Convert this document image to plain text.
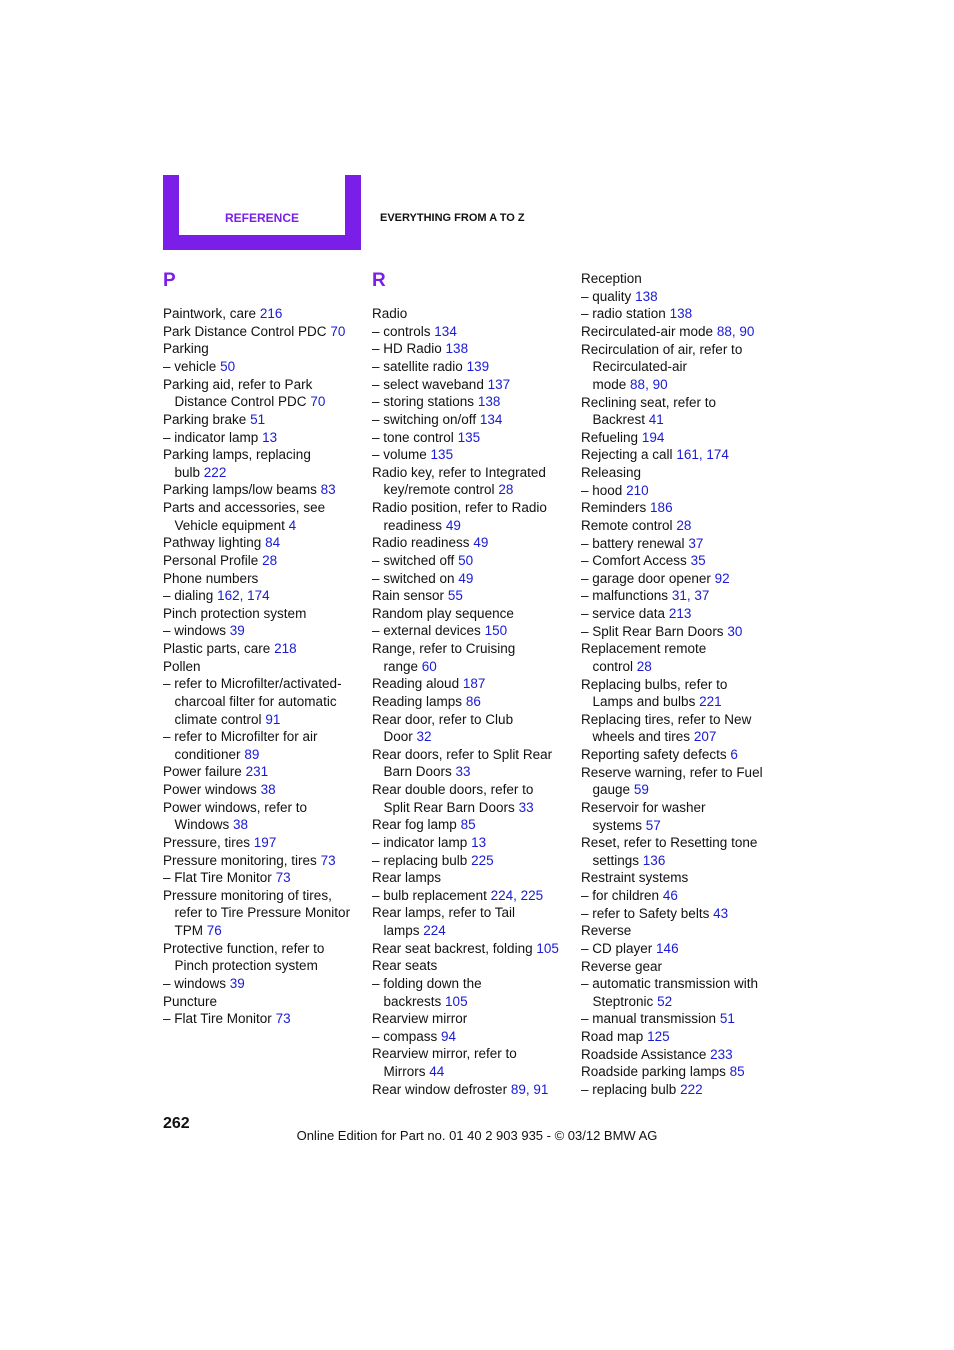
REFERENCE	EVERYTHING FROM A TO Z
P	R
Paintwork, care 216
Park Distance Control PDC 70
Parking
– vehicle 50
Parking aid, refer to Park
Distance Control PDC 70
Parking brake 51
– indicator lamp 13
Parking lamps, replacing
bulb 222
Parking lamps/low beams 83
Parts and accessories, see
Vehicle equipment 4
Pathway lighting 84
Personal Profile 28
Phone numbers
– dialing 162, 174
Pinch protection system
– windows 39
Plastic parts, care 218
Pollen
– refer to Microfilter/activated-
charcoal filter for automatic
climate control 91
– refer to Microfilter for air
conditioner 89
Power failure 231
Power windows 38
Power windows, refer to
Windows 38
Pressure, tires 197
Pressure monitoring, tires 73
– Flat Tire Monitor 73
Pressure monitoring of tires,
refer to Tire Pressure Monitor
TPM 76
Protective function, refer to
Pinch protection system
– windows 39
Puncture
– Flat Tire Monitor 73
Radio
– controls 134
– HD Radio 138
– satellite radio 139
– select waveband 137
– storing stations 138
– switching on/off 134
– tone control 135
– volume 135
Radio key, refer to Integrated
key/remote control 28
Radio position, refer to Radio
readiness 49
Radio readiness 49
– switched off 50
– switched on 49
Rain sensor 55
Random play sequence
– external devices 150
Range, refer to Cruising
range 60
Reading aloud 187
Reading lamps 86
Rear door, refer to Club
Door 32
Rear doors, refer to Split Rear
Barn Doors 33
Rear double doors, refer to
Split Rear Barn Doors 33
Rear fog lamp 85
– indicator lamp 13
– replacing bulb 225
Rear lamps
– bulb replacement 224, 225
Rear lamps, refer to Tail
lamps 224
Rear seat backrest, folding 105
Rear seats
– folding down the
backrests 105
Rearview mirror
– compass 94
Rearview mirror, refer to
Mirrors 44
Rear window defroster 89, 91
Reception
– quality 138
– radio station 138
Recirculated-air mode 88, 90
Recirculation of air, refer to
Recirculated-air
mode 88, 90
Reclining seat, refer to
Backrest 41
Refueling 194
Rejecting a call 161, 174
Releasing
– hood 210
Reminders 186
Remote control 28
– battery renewal 37
– Comfort Access 35
– garage door opener 92
– malfunctions 31, 37
– service data 213
– Split Rear Barn Doors 30
Replacement remote
control 28
Replacing bulbs, refer to
Lamps and bulbs 221
Replacing tires, refer to New
wheels and tires 207
Reporting safety defects 6
Reserve warning, refer to Fuel
gauge 59
Reservoir for washer
systems 57
Reset, refer to Resetting tone
settings 136
Restraint systems
– for children 46
– refer to Safety belts 43
Reverse
– CD player 146
Reverse gear
– automatic transmission with
Steptronic 52
– manual transmission 51
Road map 125
Roadside Assistance 233
Roadside parking lamps 85
– replacing bulb 222
262
Online Edition for Part no. 01 40 2 903 935 - © 03/12 BMW AG
